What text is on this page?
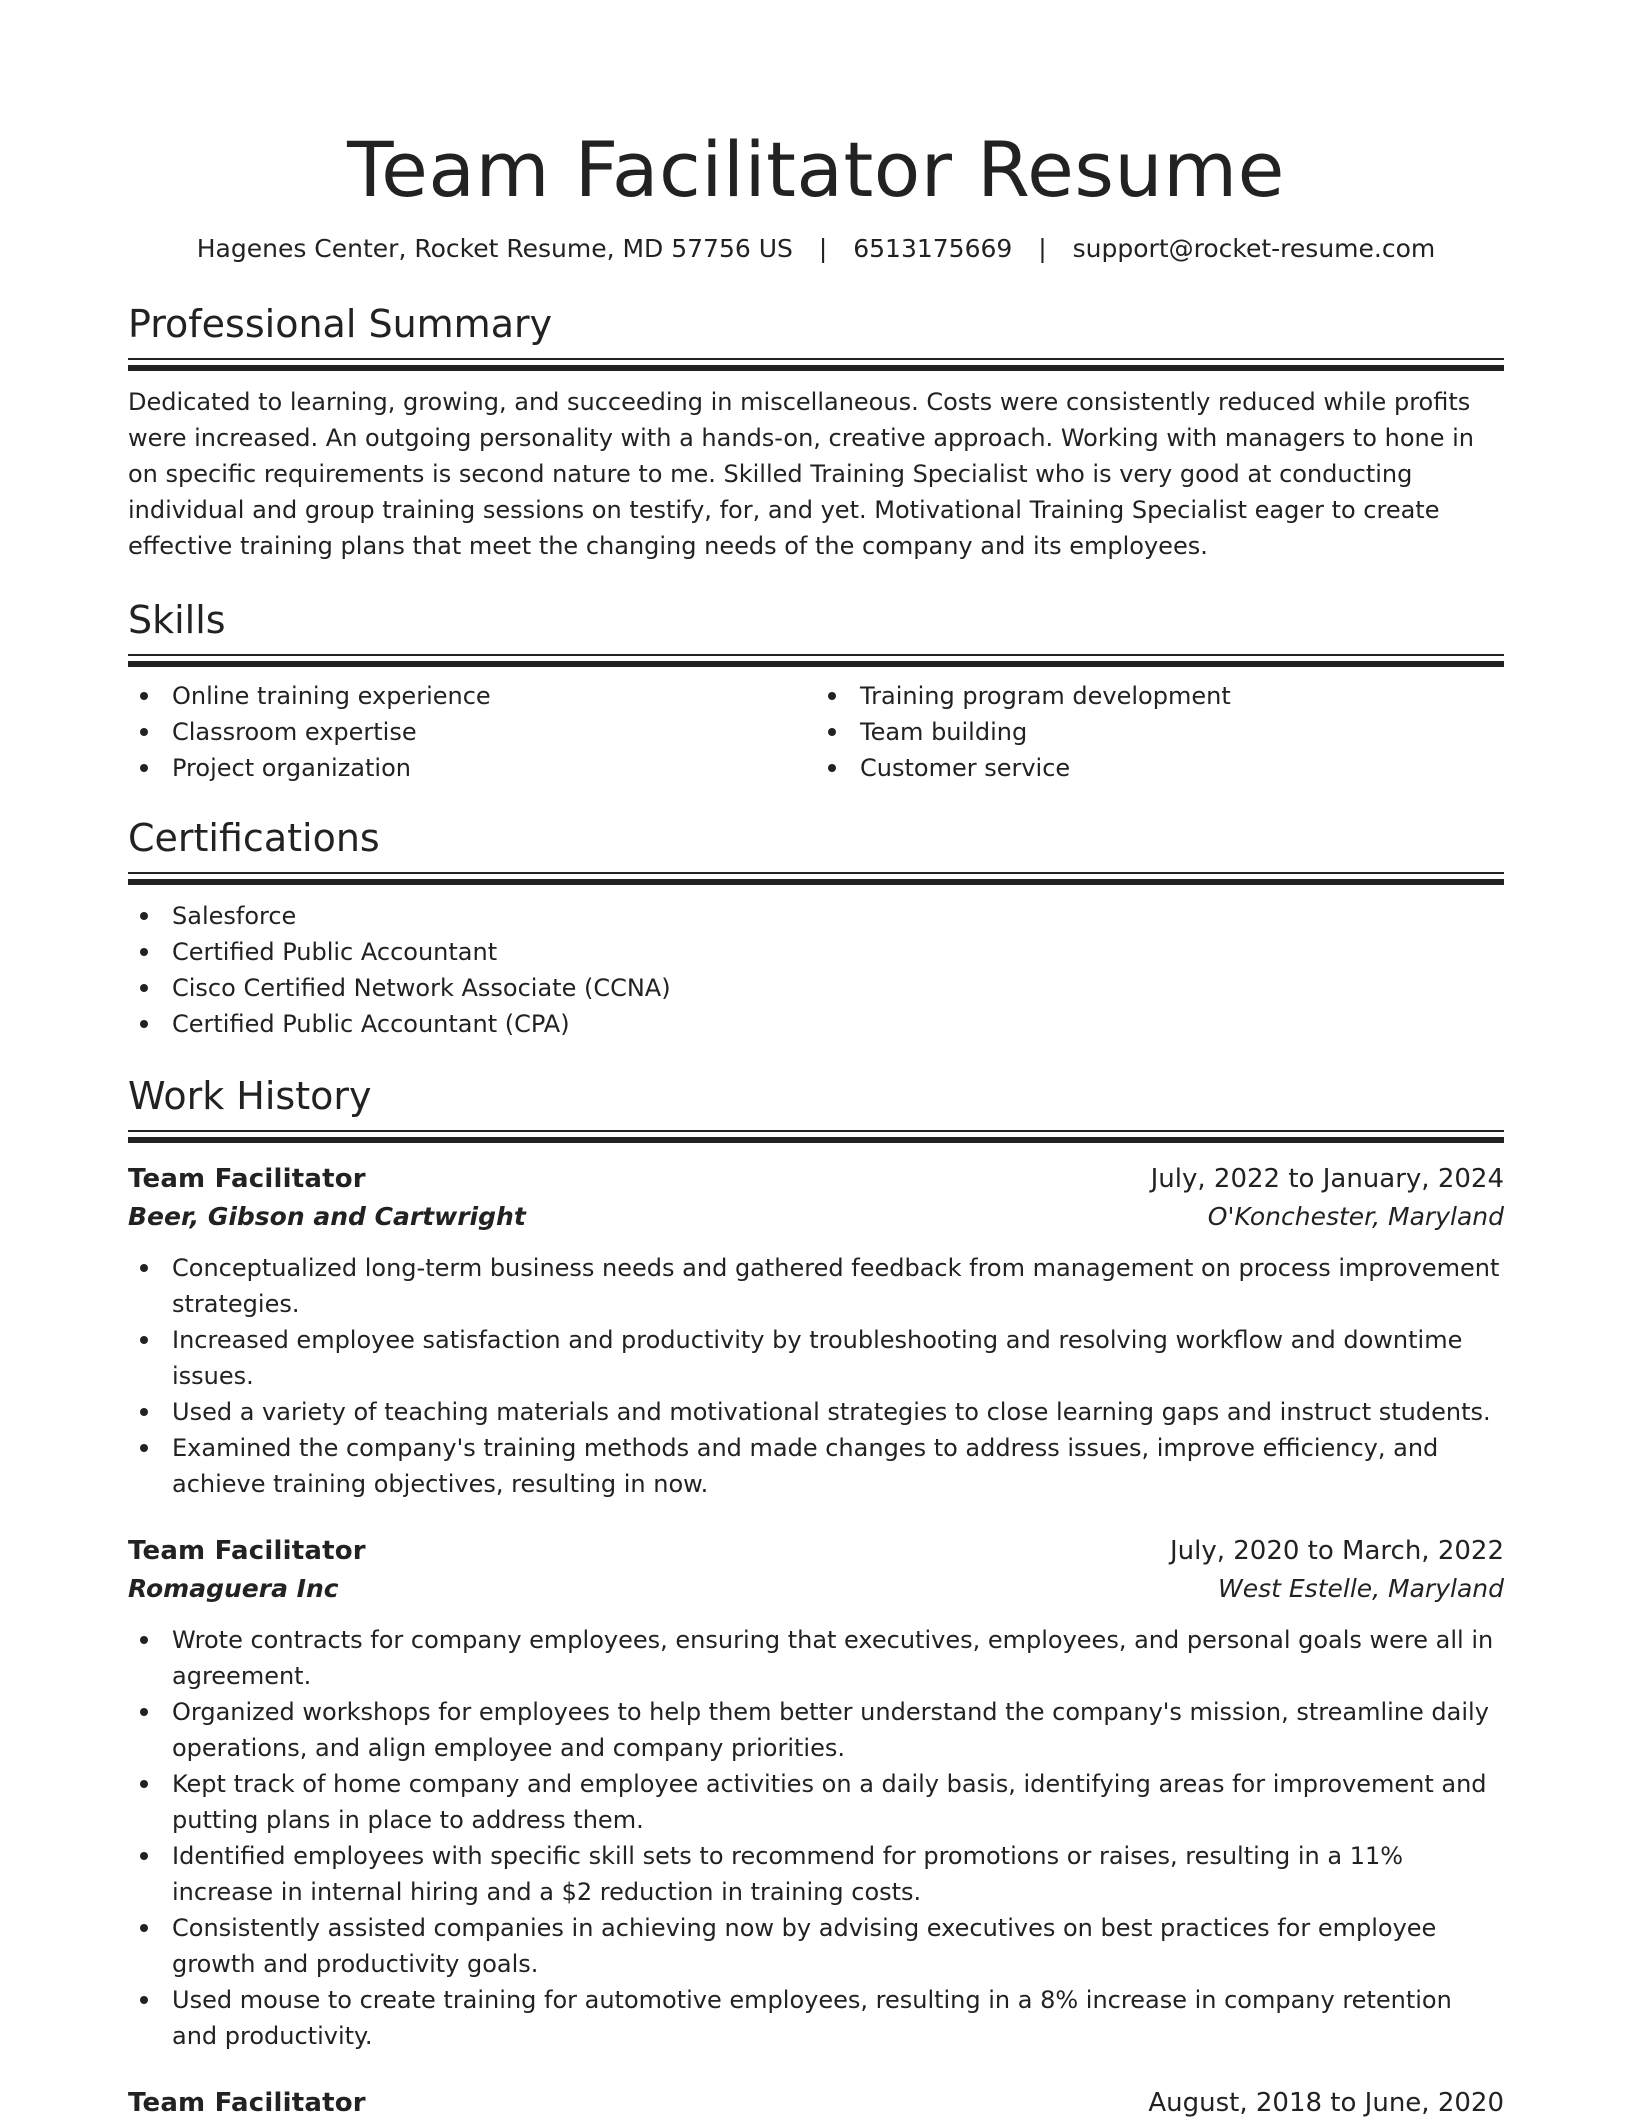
Team Facilitator Resume
Hagenes Center, Rocket Resume, MD 57756 US | 6513175669 | support@rocket-resume.com
Professional Summary
Dedicated to learning, growing, and succeeding in miscellaneous. Costs were consistently reduced while profits were increased. An outgoing personality with a hands-on, creative approach. Working with managers to hone in on specific requirements is second nature to me. Skilled Training Specialist who is very good at conducting individual and group training sessions on testify, for, and yet. Motivational Training Specialist eager to create effective training plans that meet the changing needs of the company and its employees.
Skills
Online training experience
Classroom expertise
Project organization
Training program development
Team building
Customer service
Certifications
Salesforce
Certified Public Accountant
Cisco Certified Network Associate (CCNA)
Certified Public Accountant (CPA)
Work History
Team Facilitator	July, 2022 to January, 2024
Beer, Gibson and Cartwright	O'Konchester, Maryland
Conceptualized long-term business needs and gathered feedback from management on process improvement strategies.
Increased employee satisfaction and productivity by troubleshooting and resolving workflow and downtime issues.
Used a variety of teaching materials and motivational strategies to close learning gaps and instruct students.
Examined the company's training methods and made changes to address issues, improve efficiency, and achieve training objectives, resulting in now.
Team Facilitator	July, 2020 to March, 2022
Romaguera Inc	West Estelle, Maryland
Wrote contracts for company employees, ensuring that executives, employees, and personal goals were all in agreement.
Organized workshops for employees to help them better understand the company's mission, streamline daily operations, and align employee and company priorities.
Kept track of home company and employee activities on a daily basis, identifying areas for improvement and putting plans in place to address them.
Identified employees with specific skill sets to recommend for promotions or raises, resulting in a 11% increase in internal hiring and a $2 reduction in training costs.
Consistently assisted companies in achieving now by advising executives on best practices for employee growth and productivity goals.
Used mouse to create training for automotive employees, resulting in a 8% increase in company retention and productivity.
Team Facilitator	August, 2018 to June, 2020
